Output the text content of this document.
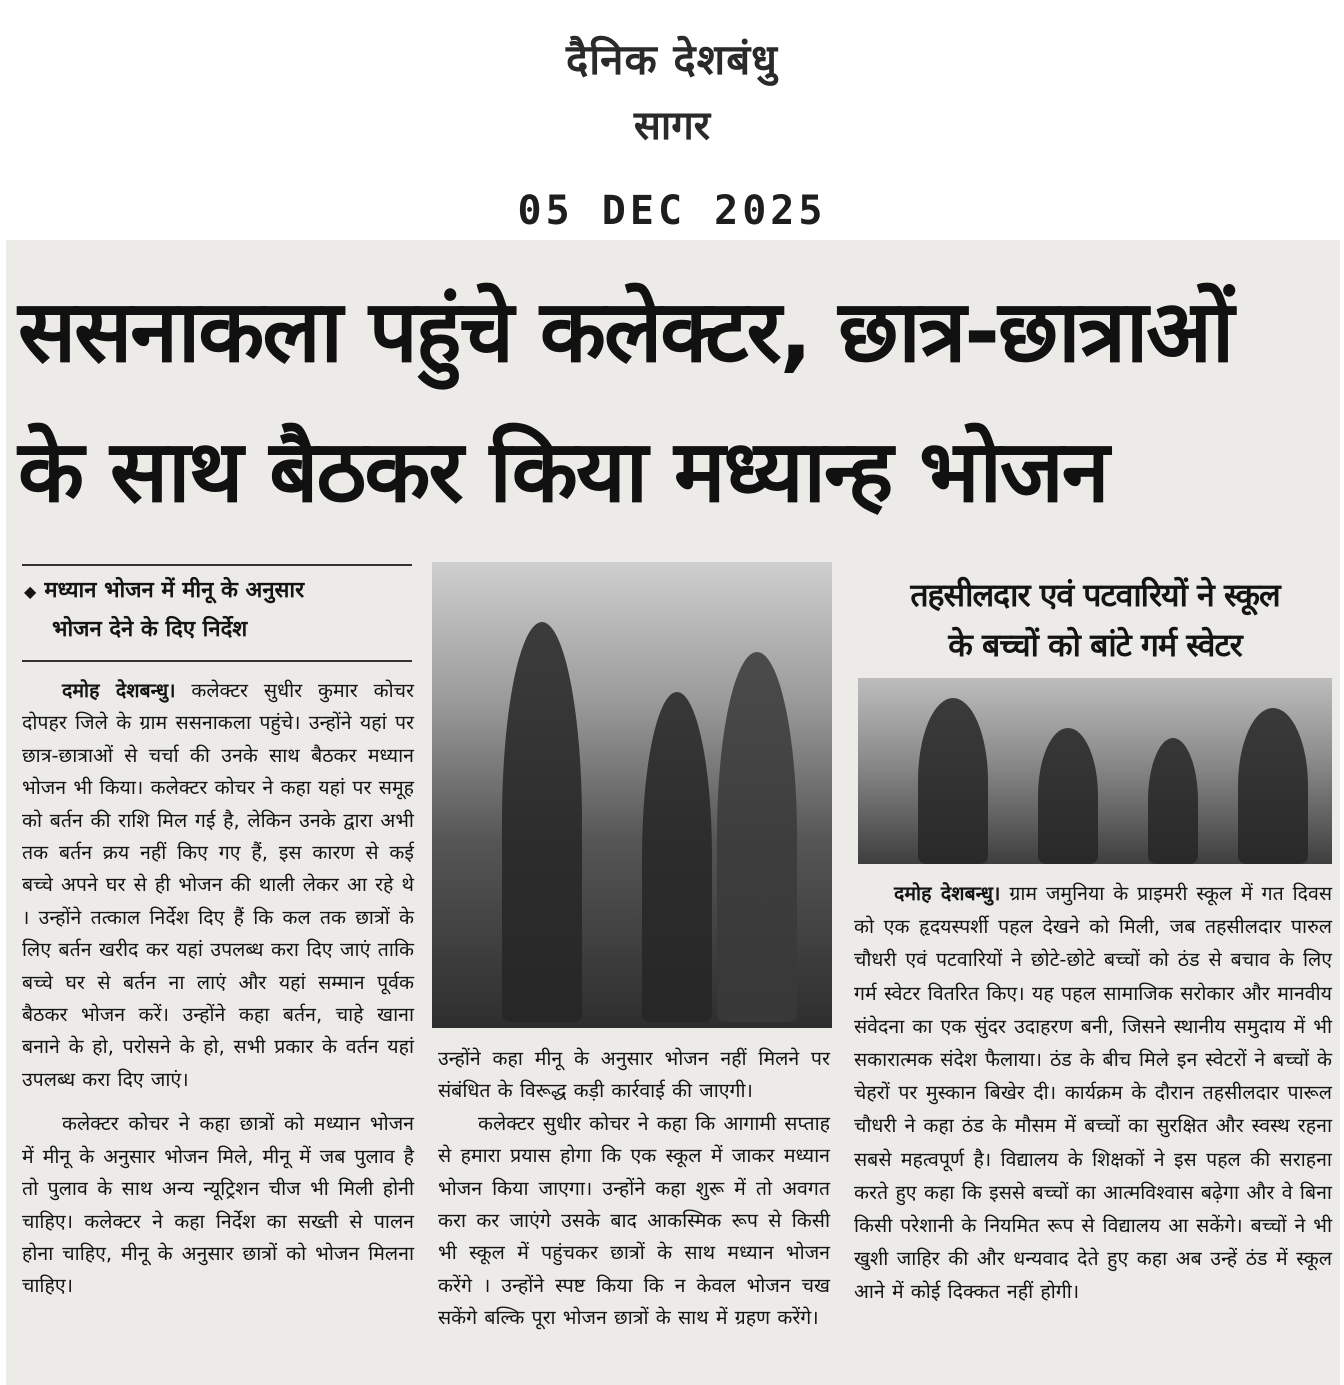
दैनिक देशबंधु
सागर
05 DEC 2025
ससनाकला पहुंचे कलेक्टर, छात्र-छात्राओं
के साथ बैठकर किया मध्यान्ह भोजन
◆ मध्यान भोजन में मीनू के अनुसार
भोजन देने के दिए निर्देश

दमोह देशबन्धु। कलेक्टर सुधीर कुमार कोचर दोपहर जिले के ग्राम ससनाकला पहुंचे। उन्होंने यहां पर छात्र-छात्राओं से चर्चा की उनके साथ बैठकर मध्यान भोजन भी किया। कलेक्टर कोचर ने कहा यहां पर समूह को बर्तन की राशि मिल गई है, लेकिन उनके द्वारा अभी तक बर्तन क्रय नहीं किए गए हैं, इस कारण से कई बच्चे अपने घर से ही भोजन की थाली लेकर आ रहे थे । उन्होंने तत्काल निर्देश दिए हैं कि कल तक छात्रों के लिए बर्तन खरीद कर यहां उपलब्ध करा दिए जाएं ताकि बच्चे घर से बर्तन ना लाएं और यहां सम्मान पूर्वक बैठकर भोजन करें। उन्होंने कहा बर्तन, चाहे खाना बनाने के हो, परोसने के हो, सभी प्रकार के वर्तन यहां उपलब्ध करा दिए जाएं।

कलेक्टर कोचर ने कहा छात्रों को मध्यान भोजन में मीनू के अनुसार भोजन मिले, मीनू में जब पुलाव है तो पुलाव के साथ अन्य न्यूट्रिशन चीज भी मिली होनी चाहिए। कलेक्टर ने कहा निर्देश का सख्ती से पालन होना चाहिए, मीनू के अनुसार छात्रों को भोजन मिलना चाहिए।

उन्होंने कहा मीनू के अनुसार भोजन नहीं मिलने पर संबंधित के विरूद्ध कड़ी कार्रवाई की जाएगी।

कलेक्टर सुधीर कोचर ने कहा कि आगामी सप्ताह से हमारा प्रयास होगा कि एक स्कूल में जाकर मध्यान भोजन किया जाएगा। उन्होंने कहा शुरू में तो अवगत करा कर जाएंगे उसके बाद आकस्मिक रूप से किसी भी स्कूल में पहुंचकर छात्रों के साथ मध्यान भोजन करेंगे । उन्होंने स्पष्ट किया कि न केवल भोजन चख सकेंगे बल्कि पूरा भोजन छात्रों के साथ में ग्रहण करेंगे।

तहसीलदार एवं पटवारियों ने स्कूल
के बच्चों को बांटे गर्म स्वेटर

दमोह देशबन्धु। ग्राम जमुनिया के प्राइमरी स्कूल में गत दिवस को एक हृदयस्पर्शी पहल देखने को मिली, जब तहसीलदार पारुल चौधरी एवं पटवारियों ने छोटे-छोटे बच्चों को ठंड से बचाव के लिए गर्म स्वेटर वितरित किए। यह पहल सामाजिक सरोकार और मानवीय संवेदना का एक सुंदर उदाहरण बनी, जिसने स्थानीय समुदाय में भी सकारात्मक संदेश फैलाया। ठंड के बीच मिले इन स्वेटरों ने बच्चों के चेहरों पर मुस्कान बिखेर दी। कार्यक्रम के दौरान तहसीलदार पारूल चौधरी ने कहा ठंड के मौसम में बच्चों का सुरक्षित और स्वस्थ रहना सबसे महत्वपूर्ण है। विद्यालय के शिक्षकों ने इस पहल की सराहना करते हुए कहा कि इससे बच्चों का आत्मविश्वास बढ़ेगा और वे बिना किसी परेशानी के नियमित रूप से विद्यालय आ सकेंगे। बच्चों ने भी खुशी जाहिर की और धन्यवाद देते हुए कहा अब उन्हें ठंड में स्कूल आने में कोई दिक्कत नहीं होगी।
